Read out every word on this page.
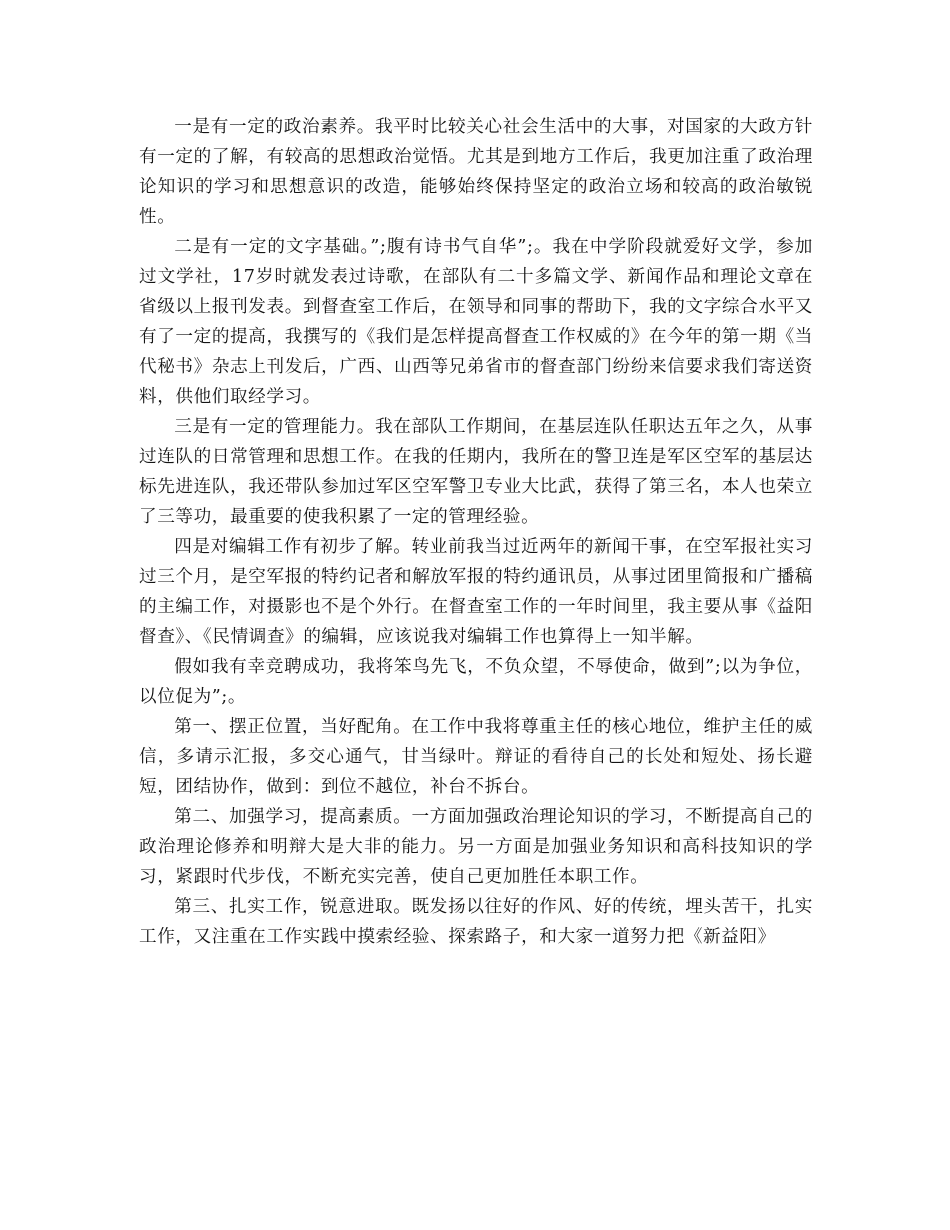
一是有一定的政治素养。我平时比较关心社会生活中的大事，对国家的大政方针有一定的了解，有较高的思想政治觉悟。尤其是到地方工作后，我更加注重了政治理论知识的学习和思想意识的改造，能够始终保持坚定的政治立场和较高的政治敏锐性。

二是有一定的文字基础。”;腹有诗书气自华”;。我在中学阶段就爱好文学，参加过文学社，17岁时就发表过诗歌，在部队有二十多篇文学、新闻作品和理论文章在省级以上报刊发表。到督查室工作后，在领导和同事的帮助下，我的文字综合水平又有了一定的提高，我撰写的《我们是怎样提高督查工作权威的》在今年的第一期《当代秘书》杂志上刊发后，广西、山西等兄弟省市的督查部门纷纷来信要求我们寄送资料，供他们取经学习。

三是有一定的管理能力。我在部队工作期间，在基层连队任职达五年之久，从事过连队的日常管理和思想工作。在我的任期内，我所在的警卫连是军区空军的基层达标先进连队，我还带队参加过军区空军警卫专业大比武，获得了第三名，本人也荣立了三等功，最重要的使我积累了一定的管理经验。

四是对编辑工作有初步了解。转业前我当过近两年的新闻干事，在空军报社实习过三个月，是空军报的特约记者和解放军报的特约通讯员，从事过团里简报和广播稿的主编工作，对摄影也不是个外行。在督查室工作的一年时间里，我主要从事《益阳督查》、《民情调查》的编辑，应该说我对编辑工作也算得上一知半解。

假如我有幸竞聘成功，我将笨鸟先飞，不负众望，不辱使命，做到”;以为争位，以位促为”;。

第一、摆正位置，当好配角。在工作中我将尊重主任的核心地位，维护主任的威信，多请示汇报，多交心通气，甘当绿叶。辩证的看待自己的长处和短处、扬长避短，团结协作，做到：到位不越位，补台不拆台。

第二、加强学习，提高素质。一方面加强政治理论知识的学习，不断提高自己的政治理论修养和明辩大是大非的能力。另一方面是加强业务知识和高科技知识的学习，紧跟时代步伐，不断充实完善，使自己更加胜任本职工作。

第三、扎实工作，锐意进取。既发扬以往好的作风、好的传统，埋头苦干，扎实工作，又注重在工作实践中摸索经验、探索路子，和大家一道努力把《新益阳》
